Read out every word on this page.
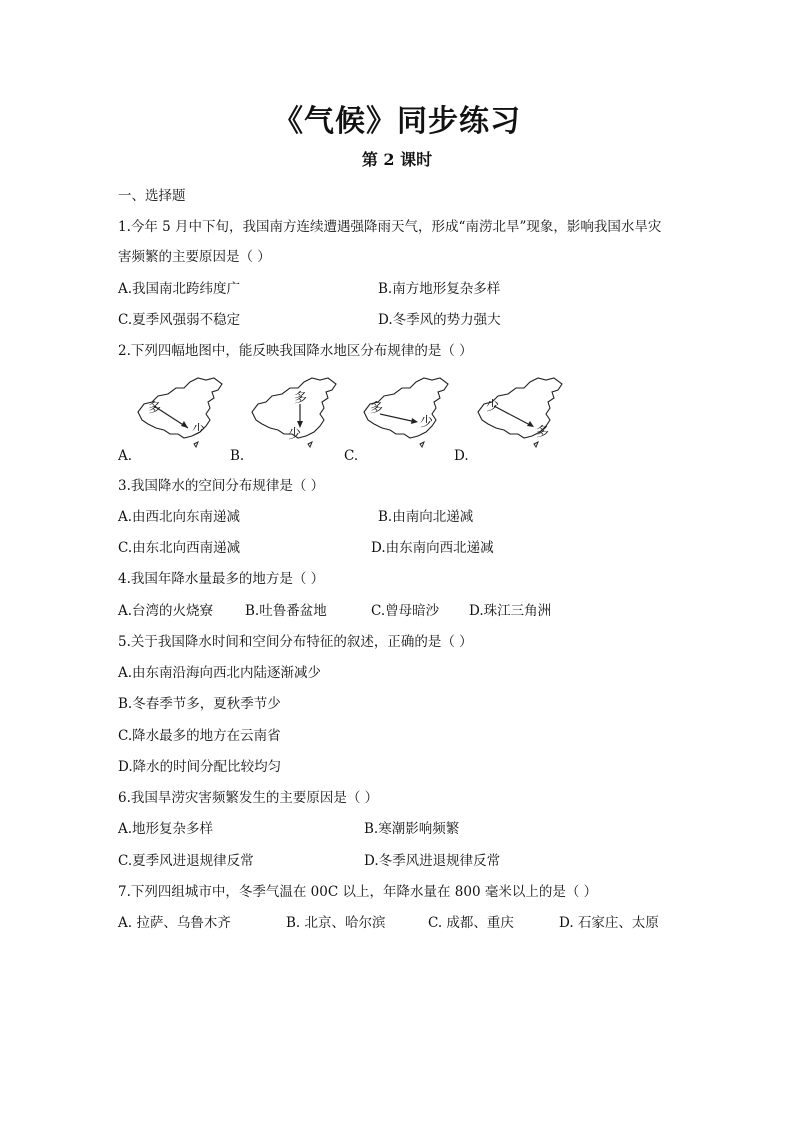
《气候》同步练习
第 2 课时
一、选择题
1.今年 5 月中下旬，我国南方连续遭遇强降雨天气，形成“南涝北旱”现象，影响我国水旱灾
害频繁的主要原因是（ ）
A.我国南北跨纬度广	B.南方地形复杂多样
C.夏季风强弱不稳定	D.冬季风的势力强大
2.下列四幅地图中，能反映我国降水地区分布规律的是（ ）
A.
多
少
B.
多
少
C.
多
少
D.
少
多
3.我国降水的空间分布规律是（ ）
A.由西北向东南递减	B.由南向北递减
C.由东北向西南递减	D.由东南向西北递减
4.我国年降水量最多的地方是（ ）
A.台湾的火烧寮 B.吐鲁番盆地	C.曾母暗沙 D.珠江三角洲
5.关于我国降水时间和空间分布特征的叙述，正确的是（ ）
A.由东南沿海向西北内陆逐渐减少
B.冬春季节多，夏秋季节少
C.降水最多的地方在云南省
D.降水的时间分配比较均匀
6.我国旱涝灾害频繁发生的主要原因是（ ）
A.地形复杂多样	B.寒潮影响频繁
C.夏季风进退规律反常	D.冬季风进退规律反常
7.下列四组城市中，冬季气温在 00C 以上，年降水量在 800 毫米以上的是（ ）
A. 拉萨、乌鲁木齐	B. 北京、哈尔滨	C. 成都、重庆	D. 石家庄、太原
